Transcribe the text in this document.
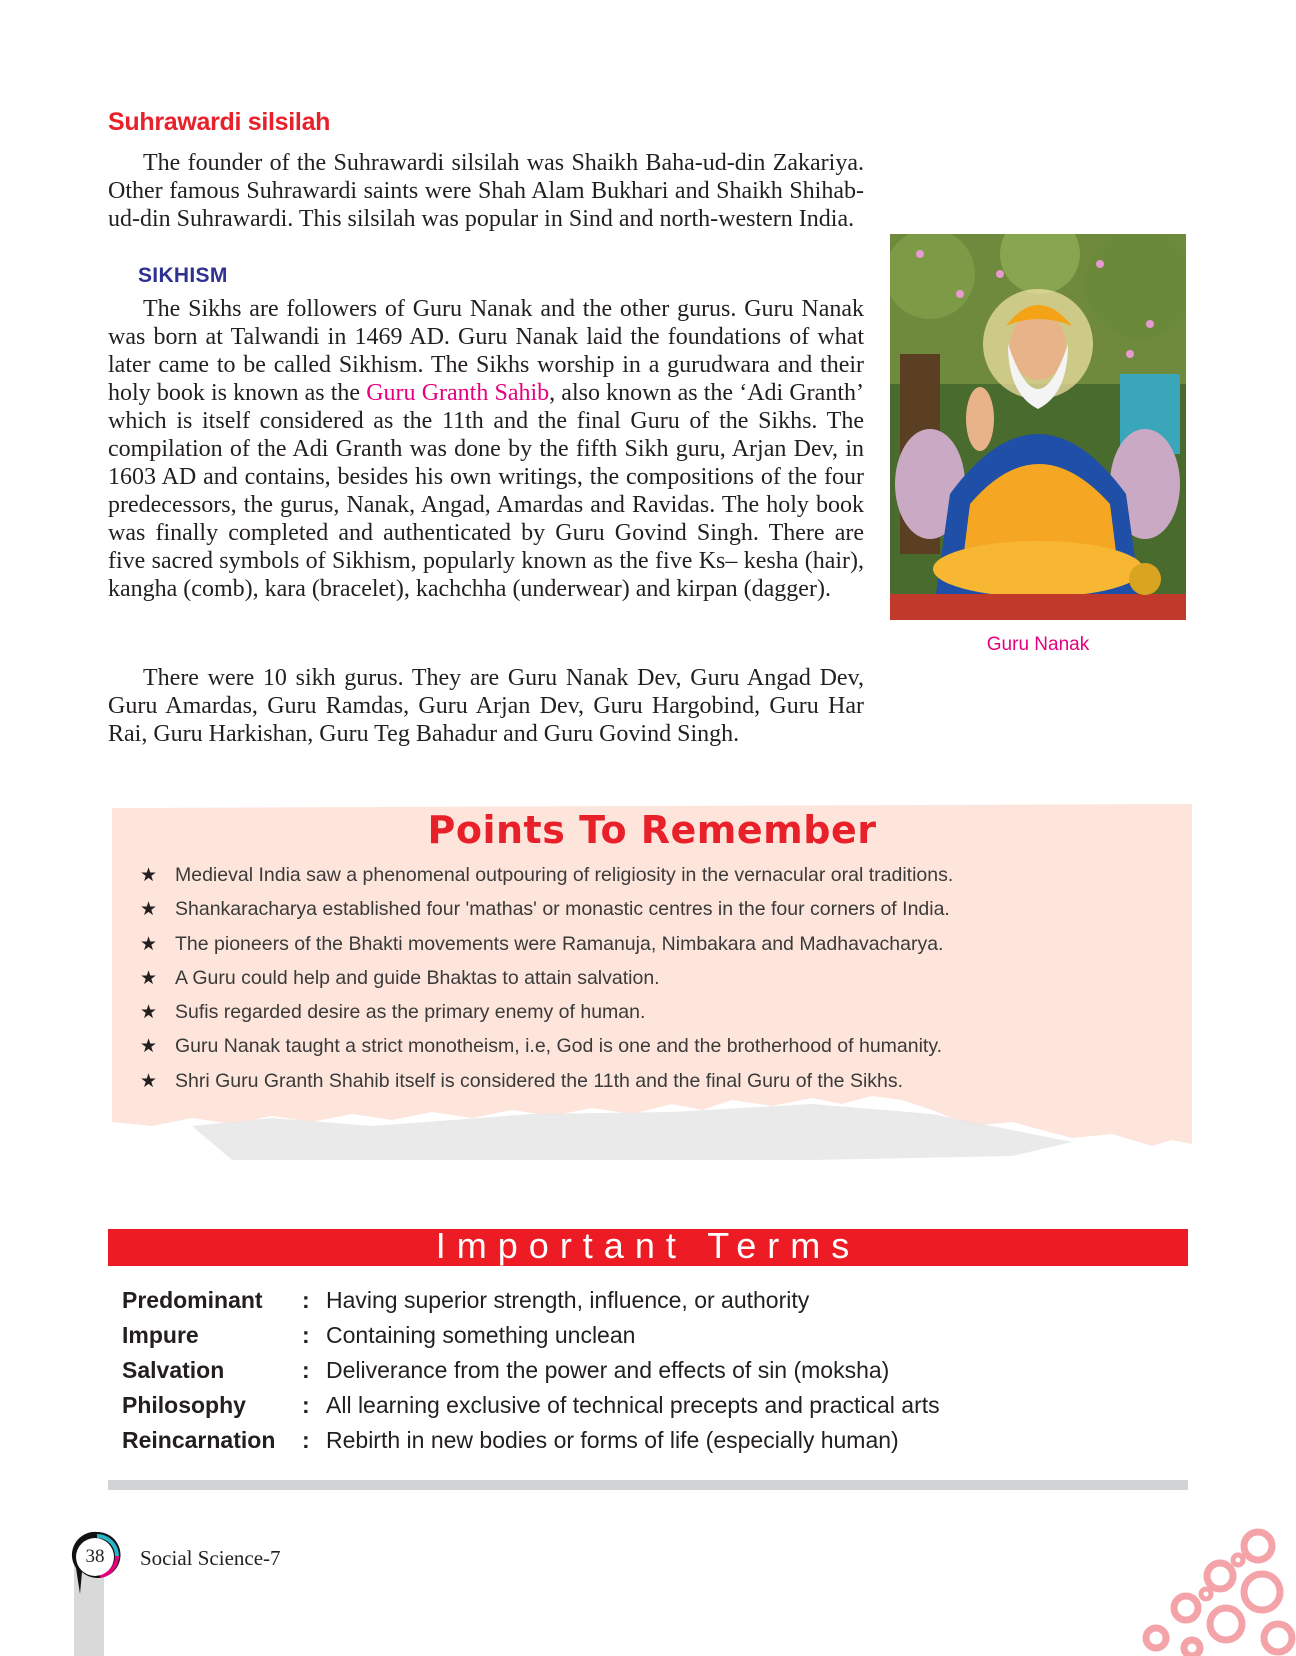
Suhrawardi silsilah

The founder of the Suhrawardi silsilah was Shaikh Baha-ud-din Zakariya. Other famous Suhrawardi saints were Shah Alam Bukhari and Shaikh Shihab-ud-din Suhrawardi. This silsilah was popular in Sind and north-western India.

SIKHISM

The Sikhs are followers of Guru Nanak and the other gurus. Guru Nanak was born at Talwandi in 1469 AD. Guru Nanak laid the foundations of what later came to be called Sikhism. The Sikhs worship in a gurudwara and their holy book is known as the Guru Granth Sahib, also known as the ‘Adi Granth’ which is itself considered as the 11th and the final Guru of the Sikhs. The compilation of the Adi Granth was done by the fifth Sikh guru, Arjan Dev, in 1603 AD and contains, besides his own writings, the compositions of the four predecessors, the gurus, Nanak, Angad, Amardas and Ravidas. The holy book was finally completed and authenticated by Guru Govind Singh. There are five sacred symbols of Sikhism, popularly known as the five Ks– kesha (hair), kangha (comb), kara (bracelet), kachchha (underwear) and kirpan (dagger).

There were 10 sikh gurus. They are Guru Nanak Dev, Guru Angad Dev, Guru Amardas, Guru Ramdas, Guru Arjan Dev, Guru Hargobind, Guru Har Rai, Guru Harkishan, Guru Teg Bahadur and Guru Govind Singh.

Guru Nanak
Points To Remember
★ Medieval India saw a phenomenal outpouring of religiosity in the vernacular oral traditions.
★ Shankaracharya established four 'mathas' or monastic centres in the four corners of India.
★ The pioneers of the Bhakti movements were Ramanuja, Nimbakara and Madhavacharya.
★ A Guru could help and guide Bhaktas to attain salvation.
★ Sufis regarded desire as the primary enemy of human.
★ Guru Nanak taught a strict monotheism, i.e, God is one and the brotherhood of humanity.
★ Shri Guru Granth Shahib itself is considered the 11th and the final Guru of the Sikhs.
Important Terms
Predominant : Having superior strength, influence, or authority
Impure	: Containing something unclean
Salvation	: Deliverance from the power and effects of sin (moksha)
Philosophy : All learning exclusive of technical precepts and practical arts
Reincarnation : Rebirth in new bodies or forms of life (especially human)
38	Social Science-7
